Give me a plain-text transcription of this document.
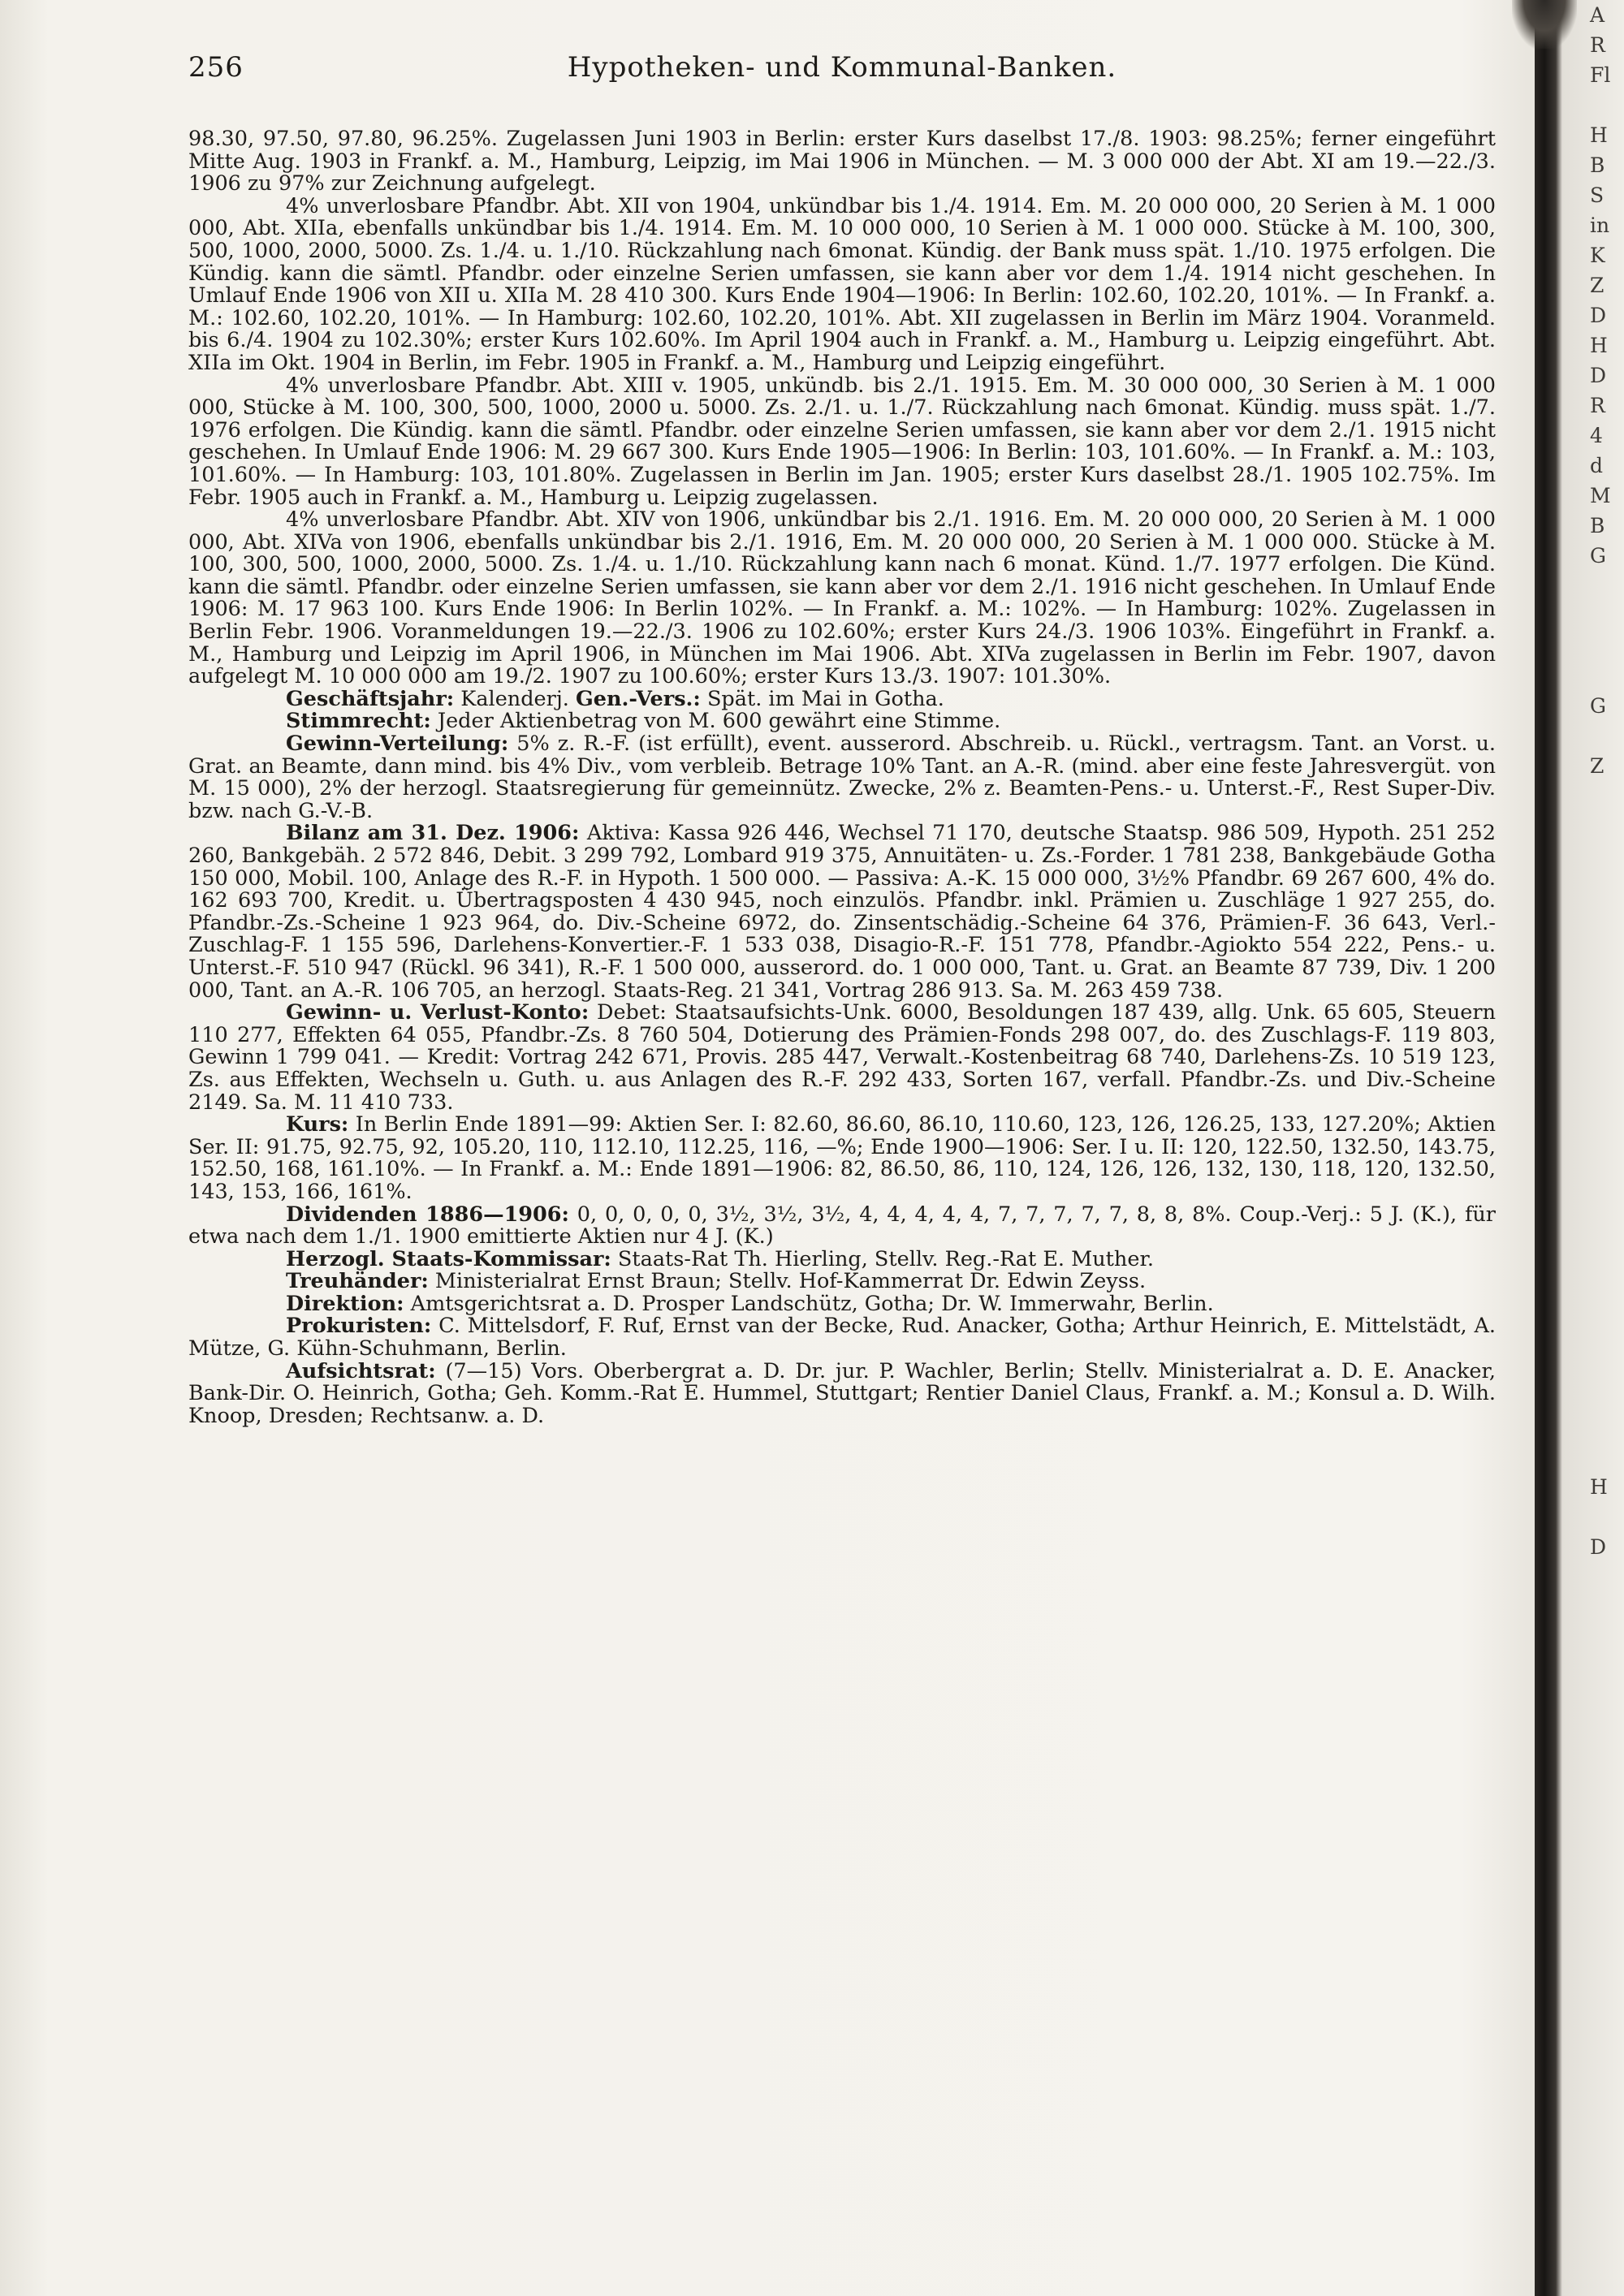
A
R
Fl

H
B
S
in
K
Z
D
H
D
R
4
d
M
B
G

G

Z

H

D
Hypotheken- und Kommunal-Banken.
256

98.30, 97.50, 97.80, 96.25%. Zugelassen Juni 1903 in Berlin: erster Kurs daselbst 17./8. 1903: 98.25%; ferner eingeführt Mitte Aug. 1903 in Frankf. a. M., Hamburg, Leipzig, im Mai 1906 in München. — M. 3 000 000 der Abt. XI am 19.—22./3. 1906 zu 97% zur Zeichnung aufgelegt.

4% unverlosbare Pfandbr. Abt. XII von 1904, unkündbar bis 1./4. 1914. Em. M. 20 000 000, 20 Serien à M. 1 000 000, Abt. XIIa, ebenfalls unkündbar bis 1./4. 1914. Em. M. 10 000 000, 10 Serien à M. 1 000 000. Stücke à M. 100, 300, 500, 1000, 2000, 5000. Zs. 1./4. u. 1./10. Rückzahlung nach 6monat. Kündig. der Bank muss spät. 1./10. 1975 erfolgen. Die Kündig. kann die sämtl. Pfandbr. oder einzelne Serien umfassen, sie kann aber vor dem 1./4. 1914 nicht geschehen. In Umlauf Ende 1906 von XII u. XIIa M. 28 410 300. Kurs Ende 1904—1906: In Berlin: 102.60, 102.20, 101%. — In Frankf. a. M.: 102.60, 102.20, 101%. — In Hamburg: 102.60, 102.20, 101%. Abt. XII zugelassen in Berlin im März 1904. Voranmeld. bis 6./4. 1904 zu 102.30%; erster Kurs 102.60%. Im April 1904 auch in Frankf. a. M., Hamburg u. Leipzig eingeführt. Abt. XIIa im Okt. 1904 in Berlin, im Febr. 1905 in Frankf. a. M., Hamburg und Leipzig eingeführt.

4% unverlosbare Pfandbr. Abt. XIII v. 1905, unkündb. bis 2./1. 1915. Em. M. 30 000 000, 30 Serien à M. 1 000 000, Stücke à M. 100, 300, 500, 1000, 2000 u. 5000. Zs. 2./1. u. 1./7. Rückzahlung nach 6monat. Kündig. muss spät. 1./7. 1976 erfolgen. Die Kündig. kann die sämtl. Pfandbr. oder einzelne Serien umfassen, sie kann aber vor dem 2./1. 1915 nicht geschehen. In Umlauf Ende 1906: M. 29 667 300. Kurs Ende 1905—1906: In Berlin: 103, 101.60%. — In Frankf. a. M.: 103, 101.60%. — In Hamburg: 103, 101.80%. Zugelassen in Berlin im Jan. 1905; erster Kurs daselbst 28./1. 1905 102.75%. Im Febr. 1905 auch in Frankf. a. M., Hamburg u. Leipzig zugelassen.

4% unverlosbare Pfandbr. Abt. XIV von 1906, unkündbar bis 2./1. 1916. Em. M. 20 000 000, 20 Serien à M. 1 000 000, Abt. XIVa von 1906, ebenfalls unkündbar bis 2./1. 1916, Em. M. 20 000 000, 20 Serien à M. 1 000 000. Stücke à M. 100, 300, 500, 1000, 2000, 5000. Zs. 1./4. u. 1./10. Rückzahlung kann nach 6 monat. Künd. 1./7. 1977 erfolgen. Die Künd. kann die sämtl. Pfandbr. oder einzelne Serien umfassen, sie kann aber vor dem 2./1. 1916 nicht geschehen. In Umlauf Ende 1906: M. 17 963 100. Kurs Ende 1906: In Berlin 102%. — In Frankf. a. M.: 102%. — In Hamburg: 102%. Zugelassen in Berlin Febr. 1906. Voranmeldungen 19.—22./3. 1906 zu 102.60%; erster Kurs 24./3. 1906 103%. Eingeführt in Frankf. a. M., Hamburg und Leipzig im April 1906, in München im Mai 1906. Abt. XIVa zugelassen in Berlin im Febr. 1907, davon aufgelegt M. 10 000 000 am 19./2. 1907 zu 100.60%; erster Kurs 13./3. 1907: 101.30%.

Geschäftsjahr: Kalenderj. Gen.-Vers.: Spät. im Mai in Gotha.

Stimmrecht: Jeder Aktienbetrag von M. 600 gewährt eine Stimme.

Gewinn-Verteilung: 5% z. R.-F. (ist erfüllt), event. ausserord. Abschreib. u. Rückl., vertragsm. Tant. an Vorst. u. Grat. an Beamte, dann mind. bis 4% Div., vom verbleib. Betrage 10% Tant. an A.-R. (mind. aber eine feste Jahresvergüt. von M. 15 000), 2% der herzogl. Staatsregierung für gemeinnütz. Zwecke, 2% z. Beamten-Pens.- u. Unterst.-F., Rest Super-Div. bzw. nach G.-V.-B.

Bilanz am 31. Dez. 1906: Aktiva: Kassa 926 446, Wechsel 71 170, deutsche Staatsp. 986 509, Hypoth. 251 252 260, Bankgebäh. 2 572 846, Debit. 3 299 792, Lombard 919 375, Annuitäten- u. Zs.-Forder. 1 781 238, Bankgebäude Gotha 150 000, Mobil. 100, Anlage des R.-F. in Hypoth. 1 500 000. — Passiva: A.-K. 15 000 000, 3½% Pfandbr. 69 267 600, 4% do. 162 693 700, Kredit. u. Übertragsposten 4 430 945, noch einzulös. Pfandbr. inkl. Prämien u. Zuschläge 1 927 255, do. Pfandbr.-Zs.-Scheine 1 923 964, do. Div.-Scheine 6972, do. Zinsentschädig.-Scheine 64 376, Prämien-F. 36 643, Verl.-Zuschlag-F. 1 155 596, Darlehens-Konvertier.-F. 1 533 038, Disagio-R.-F. 151 778, Pfandbr.-Agiokto 554 222, Pens.- u. Unterst.-F. 510 947 (Rückl. 96 341), R.-F. 1 500 000, ausserord. do. 1 000 000, Tant. u. Grat. an Beamte 87 739, Div. 1 200 000, Tant. an A.-R. 106 705, an herzogl. Staats-Reg. 21 341, Vortrag 286 913. Sa. M. 263 459 738.

Gewinn- u. Verlust-Konto: Debet: Staatsaufsichts-Unk. 6000, Besoldungen 187 439, allg. Unk. 65 605, Steuern 110 277, Effekten 64 055, Pfandbr.-Zs. 8 760 504, Dotierung des Prämien-Fonds 298 007, do. des Zuschlags-F. 119 803, Gewinn 1 799 041. — Kredit: Vortrag 242 671, Provis. 285 447, Verwalt.-Kostenbeitrag 68 740, Darlehens-Zs. 10 519 123, Zs. aus Effekten, Wechseln u. Guth. u. aus Anlagen des R.-F. 292 433, Sorten 167, verfall. Pfandbr.-Zs. und Div.-Scheine 2149. Sa. M. 11 410 733.

Kurs: In Berlin Ende 1891—99: Aktien Ser. I: 82.60, 86.60, 86.10, 110.60, 123, 126, 126.25, 133, 127.20%; Aktien Ser. II: 91.75, 92.75, 92, 105.20, 110, 112.10, 112.25, 116, —%; Ende 1900—1906: Ser. I u. II: 120, 122.50, 132.50, 143.75, 152.50, 168, 161.10%. — In Frankf. a. M.: Ende 1891—1906: 82, 86.50, 86, 110, 124, 126, 126, 132, 130, 118, 120, 132.50, 143, 153, 166, 161%.

Dividenden 1886—1906: 0, 0, 0, 0, 0, 3½, 3½, 3½, 4, 4, 4, 4, 4, 7, 7, 7, 7, 7, 8, 8, 8%. Coup.-Verj.: 5 J. (K.), für etwa nach dem 1./1. 1900 emittierte Aktien nur 4 J. (K.)

Herzogl. Staats-Kommissar: Staats-Rat Th. Hierling, Stellv. Reg.-Rat E. Muther.

Treuhänder: Ministerialrat Ernst Braun; Stellv. Hof-Kammerrat Dr. Edwin Zeyss.

Direktion: Amtsgerichtsrat a. D. Prosper Landschütz, Gotha; Dr. W. Immerwahr, Berlin.

Prokuristen: C. Mittelsdorf, F. Ruf, Ernst van der Becke, Rud. Anacker, Gotha; Arthur Heinrich, E. Mittelstädt, A. Mütze, G. Kühn-Schuhmann, Berlin.

Aufsichtsrat: (7—15) Vors. Oberbergrat a. D. Dr. jur. P. Wachler, Berlin; Stellv. Ministerialrat a. D. E. Anacker, Bank-Dir. O. Heinrich, Gotha; Geh. Komm.-Rat E. Hummel, Stuttgart; Rentier Daniel Claus, Frankf. a. M.; Konsul a. D. Wilh. Knoop, Dresden; Rechtsanw. a. D.
